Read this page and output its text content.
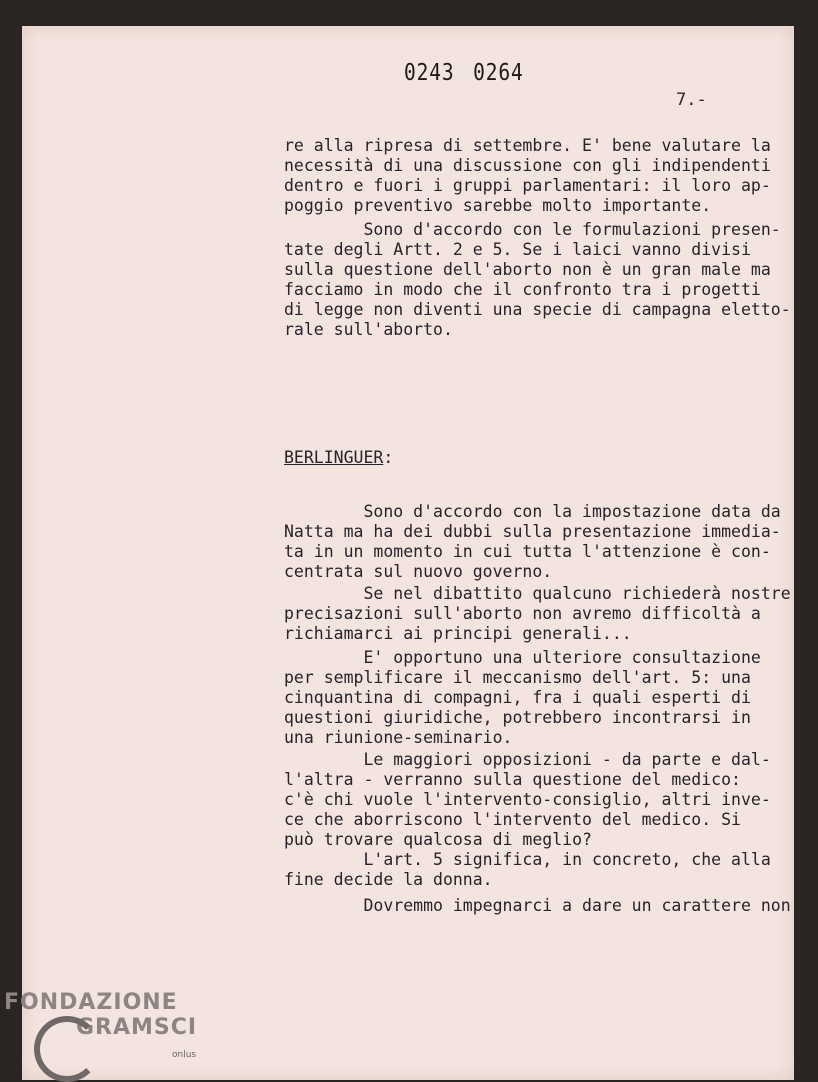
0243 0264
7.-
re alla ripresa di settembre. E' bene valutare la
necessità di una discussione con gli indipendenti
dentro e fuori i gruppi parlamentari: il loro ap-
poggio preventivo sarebbe molto importante.
Sono d'accordo con le formulazioni presen-
tate degli Artt. 2 e 5. Se i laici vanno divisi
sulla questione dell'aborto non è un gran male ma
facciamo in modo che il confronto tra i progetti
di legge non diventi una specie di campagna eletto-
rale sull'aborto.
BERLINGUER:
Sono d'accordo con la impostazione data da
Natta ma ha dei dubbi sulla presentazione immedia-
ta in un momento in cui tutta l'attenzione è con-
centrata sul nuovo governo.
Se nel dibattito qualcuno richiederà nostre
precisazioni sull'aborto non avremo difficoltà a
richiamarci ai principi generali...
E' opportuno una ulteriore consultazione
per semplificare il meccanismo dell'art. 5: una
cinquantina di compagni, fra i quali esperti di
questioni giuridiche, potrebbero incontrarsi in
una riunione-seminario.
Le maggiori opposizioni - da parte e dal-
l'altra - verranno sulla questione del medico:
c'è chi vuole l'intervento-consiglio, altri inve-
ce che aborriscono l'intervento del medico. Si
può trovare qualcosa di meglio?
L'art. 5 significa, in concreto, che alla
fine decide la donna.
Dovremmo impegnarci a dare un carattere non
FONDAZIONE
GRAMSCI
onlus
